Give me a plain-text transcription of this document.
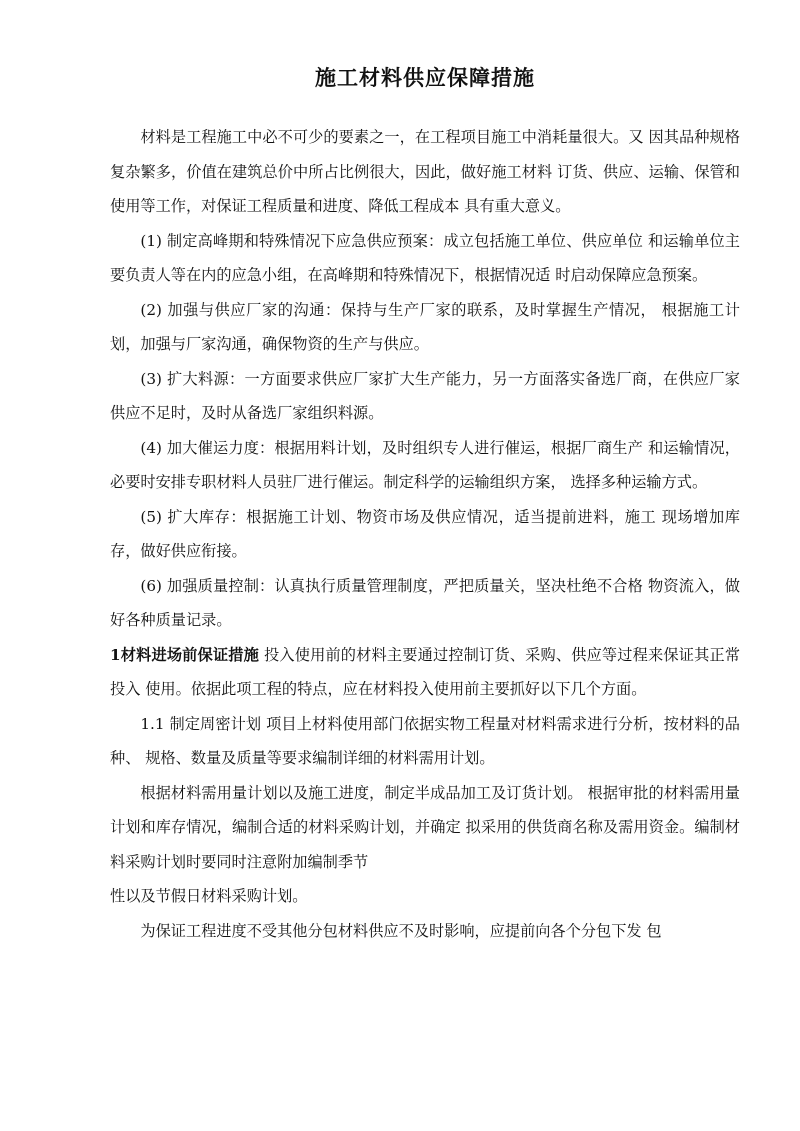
施工材料供应保障措施

材料是工程施工中必不可少的要素之一，在工程项目施工中消耗量很大。又 因其品种规格复杂繁多，价值在建筑总价中所占比例很大，因此，做好施工材料 订货、供应、运输、保管和使用等工作，对保证工程质量和进度、降低工程成本 具有重大意义。

(1) 制定高峰期和特殊情况下应急供应预案：成立包括施工单位、供应单位 和运输单位主要负责人等在内的应急小组，在高峰期和特殊情况下，根据情况适 时启动保障应急预案。

(2) 加强与供应厂家的沟通：保持与生产厂家的联系，及时掌握生产情况， 根据施工计划，加强与厂家沟通，确保物资的生产与供应。

(3) 扩大料源：一方面要求供应厂家扩大生产能力，另一方面落实备选厂商，在供应厂家供应不足时，及时从备选厂家组织料源。

(4) 加大催运力度：根据用料计划，及时组织专人进行催运，根据厂商生产 和运输情况，必要时安排专职材料人员驻厂进行催运。制定科学的运输组织方案， 选择多种运输方式。

(5) 扩大库存：根据施工计划、物资市场及供应情况，适当提前进料，施工 现场增加库存，做好供应衔接。

(6) 加强质量控制：认真执行质量管理制度，严把质量关，坚决杜绝不合格 物资流入，做好各种质量记录。

1材料进场前保证措施 投入使用前的材料主要通过控制订货、采购、供应等过程来保证其正常投入 使用。依据此项工程的特点，应在材料投入使用前主要抓好以下几个方面。

1.1 制定周密计划 项目上材料使用部门依据实物工程量对材料需求进行分析，按材料的品种、 规格、数量及质量等要求编制详细的材料需用计划。

根据材料需用量计划以及施工进度，制定半成品加工及订货计划。 根据审批的材料需用量计划和库存情况，编制合适的材料采购计划，并确定 拟采用的供货商名称及需用资金。编制材料采购计划时要同时注意附加编制季节

性以及节假日材料采购计划。

为保证工程进度不受其他分包材料供应不及时影响，应提前向各个分包下发 包
